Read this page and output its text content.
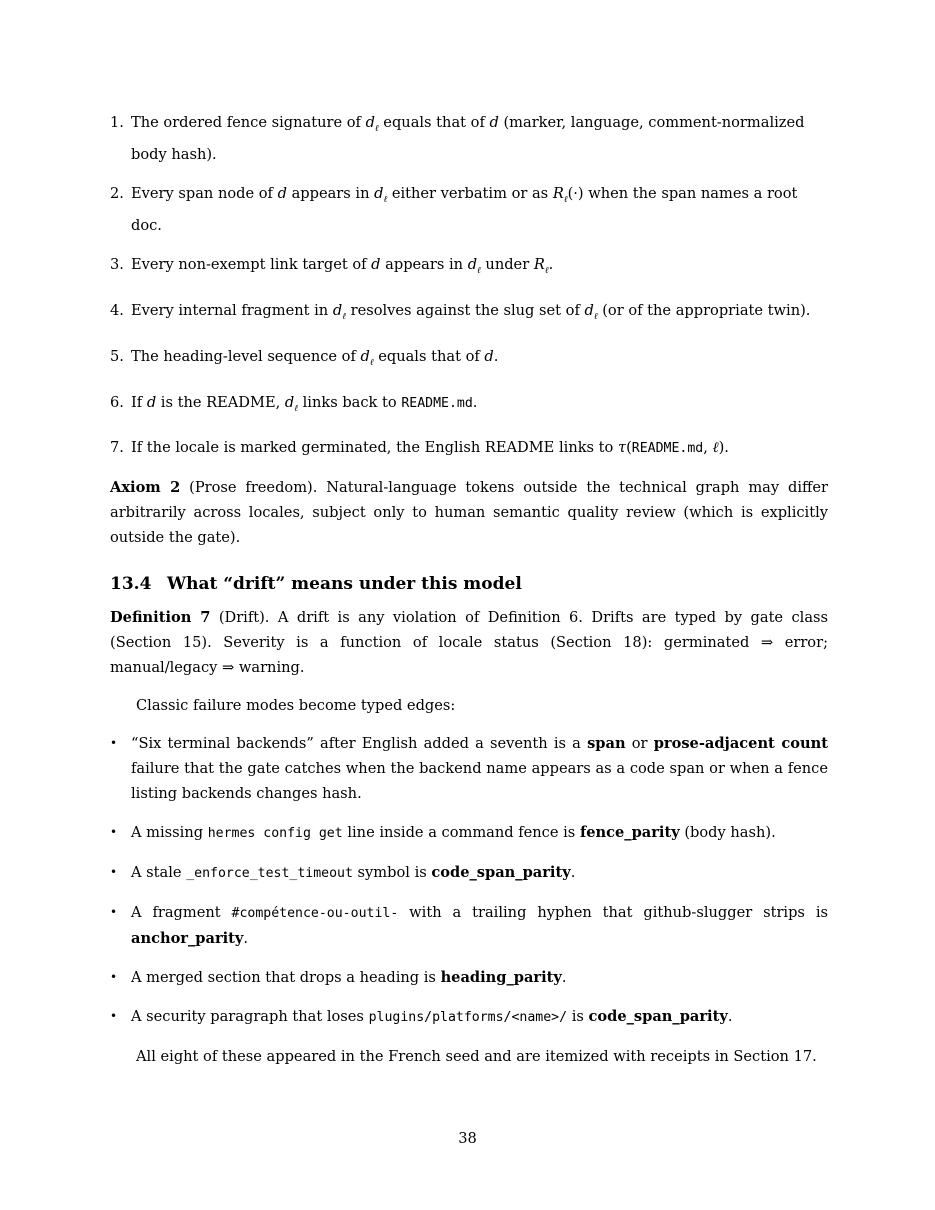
1. The ordered fence signature of $d_\ell$ equals that of d (marker, language, comment-normalized body hash).
2. Every span node of d appears in $d_\ell$ either verbatim or as $R_\ell(\cdot)$ when the span names a root doc.
3. Every non-exempt link target of d appears in $d_\ell$ under $R_\ell$.
4. Every internal fragment in $d_\ell$ resolves against the slug set of $d_\ell$ (or of the appropriate twin).
5. The heading-level sequence of $d_\ell$ equals that of d.
6. If d is the README, $d_\ell$ links back to README.md.
7. If the locale is marked germinated, the English README links to τ(README.md, ℓ).

Axiom 2 (Prose freedom). Natural-language tokens outside the technical graph may differ arbitrarily across locales, subject only to human semantic quality review (which is explicitly outside the gate).

13.4 What “drift” means under this model

Definition 7 (Drift). A drift is any violation of Definition 6. Drifts are typed by gate class (Section 15). Severity is a function of locale status (Section 18): germinated ⇒ error; manual/legacy ⇒ warning.

Classic failure modes become typed edges:

• “Six terminal backends” after English added a seventh is a span or prose-adjacent count failure that the gate catches when the backend name appears as a code span or when a fence listing backends changes hash.
• A missing hermes config get line inside a command fence is fence_parity (body hash).
• A stale _enforce_test_timeout symbol is code_span_parity.
• A fragment #compétence-ou-outil- with a trailing hyphen that github-slugger strips is anchor_parity.
• A merged section that drops a heading is heading_parity.
• A security paragraph that loses plugins/platforms/<name>/ is code_span_parity.

All eight of these appeared in the French seed and are itemized with receipts in Section 17.

38
